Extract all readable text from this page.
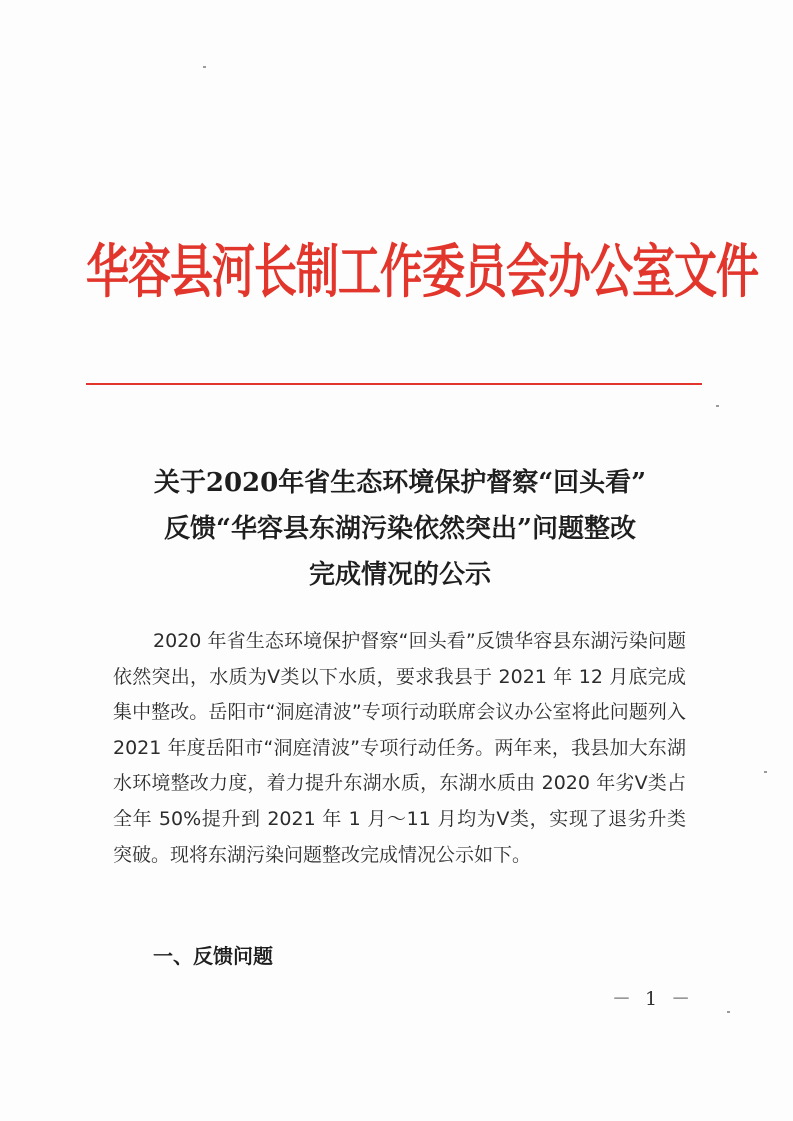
华容县河长制工作委员会办公室文件
关于2020年省生态环境保护督察“回头看”
反馈“华容县东湖污染依然突出”问题整改
完成情况的公示
2020 年省生态环境保护督察“回头看”反馈华容县东湖污染问题依然突出，水质为Ⅴ类以下水质，要求我县于 2021 年 12 月底完成集中整改。岳阳市“洞庭清波”专项行动联席会议办公室将此问题列入 2021 年度岳阳市“洞庭清波”专项行动任务。两年来，我县加大东湖水环境整改力度，着力提升东湖水质，东湖水质由 2020 年劣Ⅴ类占全年 50%提升到 2021 年 1 月～11 月均为Ⅴ类，实现了退劣升类突破。现将东湖污染问题整改完成情况公示如下。
一、反馈问题
－ 1 －
